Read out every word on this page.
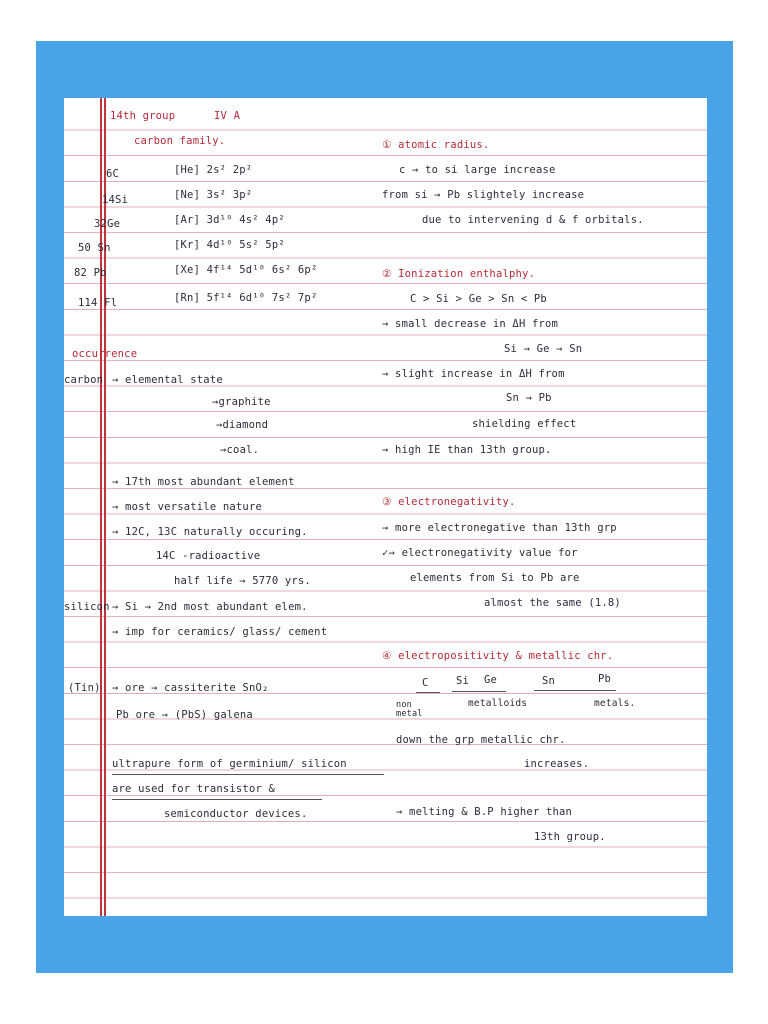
14th group	IV A
carbon family.
6C	[He] 2s² 2p²
14Si	[Ne] 3s² 3p²
32Ge	[Ar] 3d¹⁰ 4s² 4p²
50 Sn	[Kr] 4d¹⁰ 5s² 5p²
82 Pb	[Xe] 4f¹⁴ 5d¹⁰ 6s² 6p²
114 Fl	[Rn] 5f¹⁴ 6d¹⁰ 7s² 7p²
① atomic radius.
c → to si large increase
from si → Pb slightely increase
due to intervening d & f orbitals.
② Ionization enthalphy.
C > Si > Ge > Sn < Pb
→ small decrease in ΔH from
Si → Ge → Sn
→ slight increase in ΔH from
Sn → Pb
shielding effect
→ high IE than 13th group.
occurrence
carbon → elemental state
→graphite
→diamond
→coal.
→ 17th most abundant element
→ most versatile nature
→ 12C, 13C naturally occuring.
14C -radioactive
half life → 5770 yrs.
silicon → Si → 2nd most abundant elem.
→ imp for ceramics/ glass/ cement
(Tin) → ore → cassiterite SnO₂
Pb ore → (PbS) galena
ultrapure form of germinium/ silicon
are used for transistor &
semiconductor devices.
③ electronegativity.
→ more electronegative than 13th grp
✓→ electronegativity value for
elements from Si to Pb are
almost the same (1.8)
④ electropositivity & metallic chr.
C	Si Ge	Sn	Pb
non metal
metalloids	metals.
down the grp metallic chr.
increases.
→ melting & B.P higher than
13th group.
